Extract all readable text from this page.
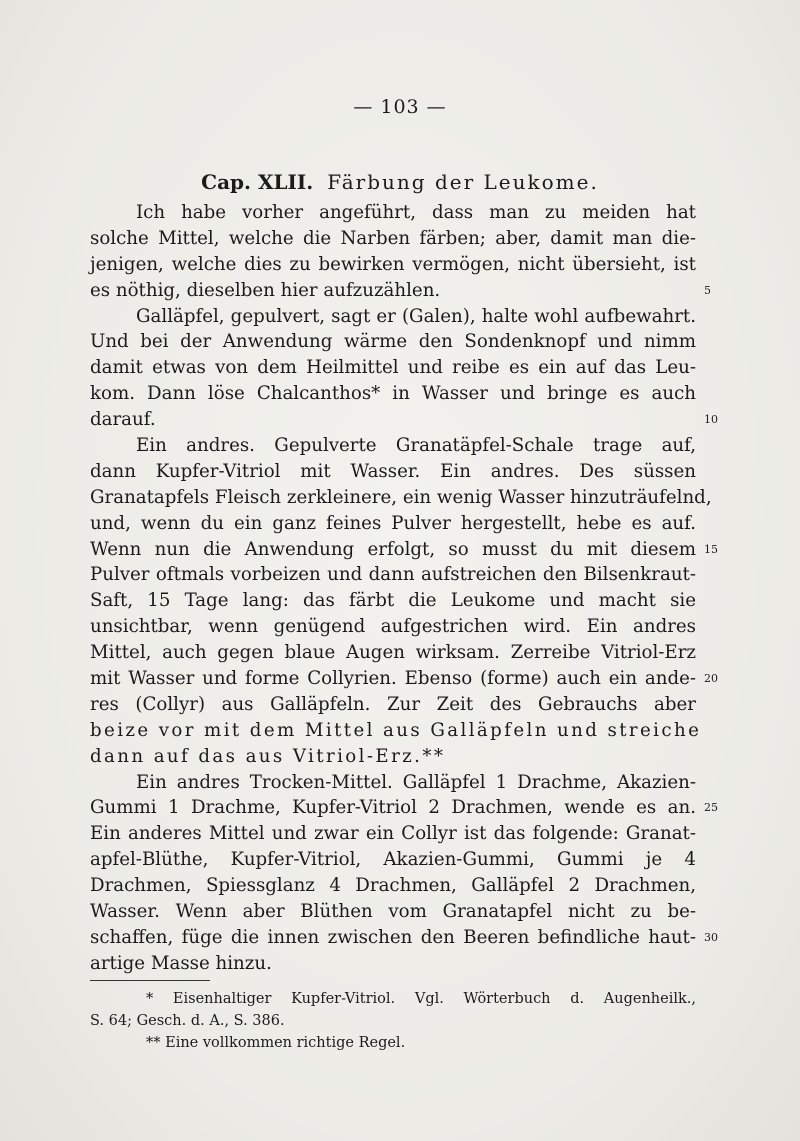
— 103 —
Cap. XLII. Färbung der Leukome.
Ich habe vorher angeführt, dass man zu meiden hat
solche Mittel, welche die Narben färben; aber, damit man die-
jenigen, welche dies zu bewirken vermögen, nicht übersieht, ist
es nöthig, dieselben hier aufzuzählen.	5
Galläpfel, gepulvert, sagt er (Galen), halte wohl aufbewahrt.
Und bei der Anwendung wärme den Sondenknopf und nimm
damit etwas von dem Heilmittel und reibe es ein auf das Leu-
kom. Dann löse Chalcanthos* in Wasser und bringe es auch
darauf.	10
Ein andres. Gepulverte Granatäpfel-Schale trage auf,
dann Kupfer-Vitriol mit Wasser. Ein andres. Des süssen
Granatapfels Fleisch zerkleinere, ein wenig Wasser hinzuträufelnd,
und, wenn du ein ganz feines Pulver hergestellt, hebe es auf.
Wenn nun die Anwendung erfolgt, so musst du mit diesem 15
Pulver oftmals vorbeizen und dann aufstreichen den Bilsenkraut-
Saft, 15 Tage lang: das färbt die Leukome und macht sie
unsichtbar, wenn genügend aufgestrichen wird. Ein andres
Mittel, auch gegen blaue Augen wirksam. Zerreibe Vitriol-Erz
mit Wasser und forme Collyrien. Ebenso (forme) auch ein ande- 20
res (Collyr) aus Galläpfeln. Zur Zeit des Gebrauchs aber
beize vor mit dem Mittel aus Galläpfeln und streiche
dann auf das aus Vitriol-Erz.**
Ein andres Trocken-Mittel. Galläpfel 1 Drachme, Akazien-
Gummi 1 Drachme, Kupfer-Vitriol 2 Drachmen, wende es an. 25
Ein anderes Mittel und zwar ein Collyr ist das folgende: Granat-
apfel-Blüthe, Kupfer-Vitriol, Akazien-Gummi, Gummi je 4
Drachmen, Spiessglanz 4 Drachmen, Galläpfel 2 Drachmen,
Wasser. Wenn aber Blüthen vom Granatapfel nicht zu be-
schaffen, füge die innen zwischen den Beeren befindliche haut- 30
artige Masse hinzu.
* Eisenhaltiger Kupfer-Vitriol. Vgl. Wörterbuch d. Augenheilk.,
S. 64; Gesch. d. A., S. 386.
** Eine vollkommen richtige Regel.
